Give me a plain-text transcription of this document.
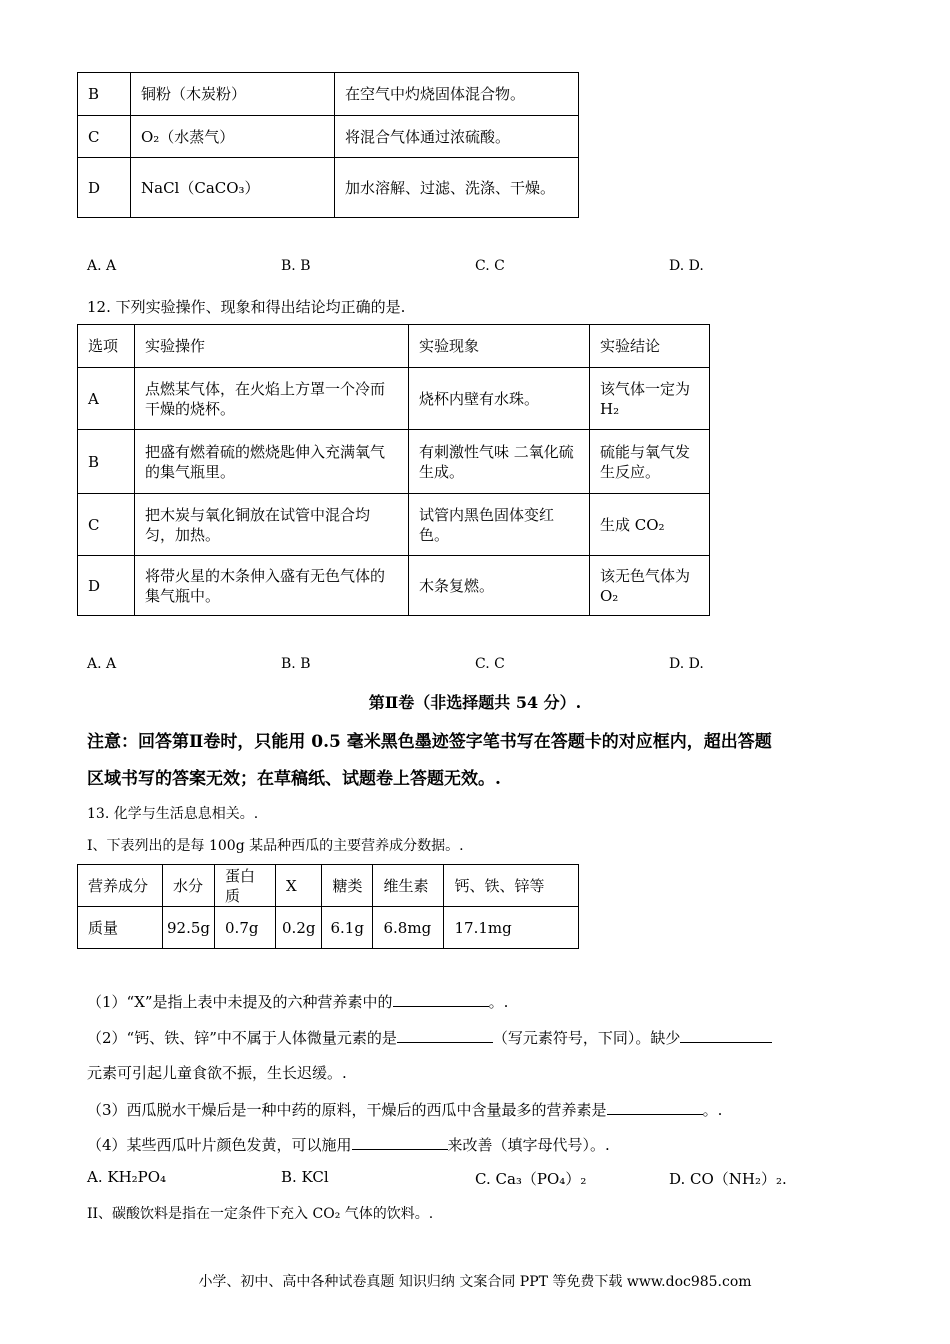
B	铜粉（木炭粉）	在空气中灼烧固体混合物。
C	O₂（水蒸气）	将混合气体通过浓硫酸。
D	NaCl（CaCO₃）	加水溶解、过滤、洗涤、干燥。
A. A	B. B	C. C	D. D.
12. 下列实验操作、现象和得出结论均正确的是.
选项	实验操作	实验现象	实验结论
A	点燃某气体，在火焰上方罩一个冷而干燥的烧杯。	烧杯内壁有水珠。	该气体一定为H₂
B	把盛有燃着硫的燃烧匙伸入充满氧气的集气瓶里。	有刺激性气味 二氧化硫生成。	硫能与氧气发生反应。
C	把木炭与氧化铜放在试管中混合均匀，加热。	试管内黑色固体变红色。	生成 CO₂
D	将带火星的木条伸入盛有无色气体的集气瓶中。	木条复燃。	该无色气体为O₂
A. A	B. B	C. C	D. D.
第Ⅱ卷（非选择题共 54 分）.
注意：回答第Ⅱ卷时，只能用 0.5 毫米黑色墨迹签字笔书写在答题卡的对应框内，超出答题
区域书写的答案无效；在草稿纸、试题卷上答题无效。.
13. 化学与生活息息相关。.
I、下表列出的是每 100g 某品种西瓜的主要营养成分数据。.
营养成分	水分	蛋白质	X	糖类	维生素	钙、铁、锌等
质量	92.5g	0.7g	0.2g	6.1g	6.8mg	17.1mg
（1）“X”是指上表中未提及的六种营养素中的	。.
（2）“钙、铁、锌”中不属于人体微量元素的是	（写元素符号，下同）。缺少
元素可引起儿童食欲不振，生长迟缓。.
（3）西瓜脱水干燥后是一种中药的原料，干燥后的西瓜中含量最多的营养素是	。.
（4）某些西瓜叶片颜色发黄，可以施用	来改善（填字母代号）。.
A. KH₂PO₄	B. KCl	C. Ca₃（PO₄）₂	D. CO（NH₂）₂.
II、碳酸饮料是指在一定条件下充入 CO₂ 气体的饮料。.
小学、初中、高中各种试卷真题 知识归纳 文案合同 PPT 等免费下载 www.doc985.com
